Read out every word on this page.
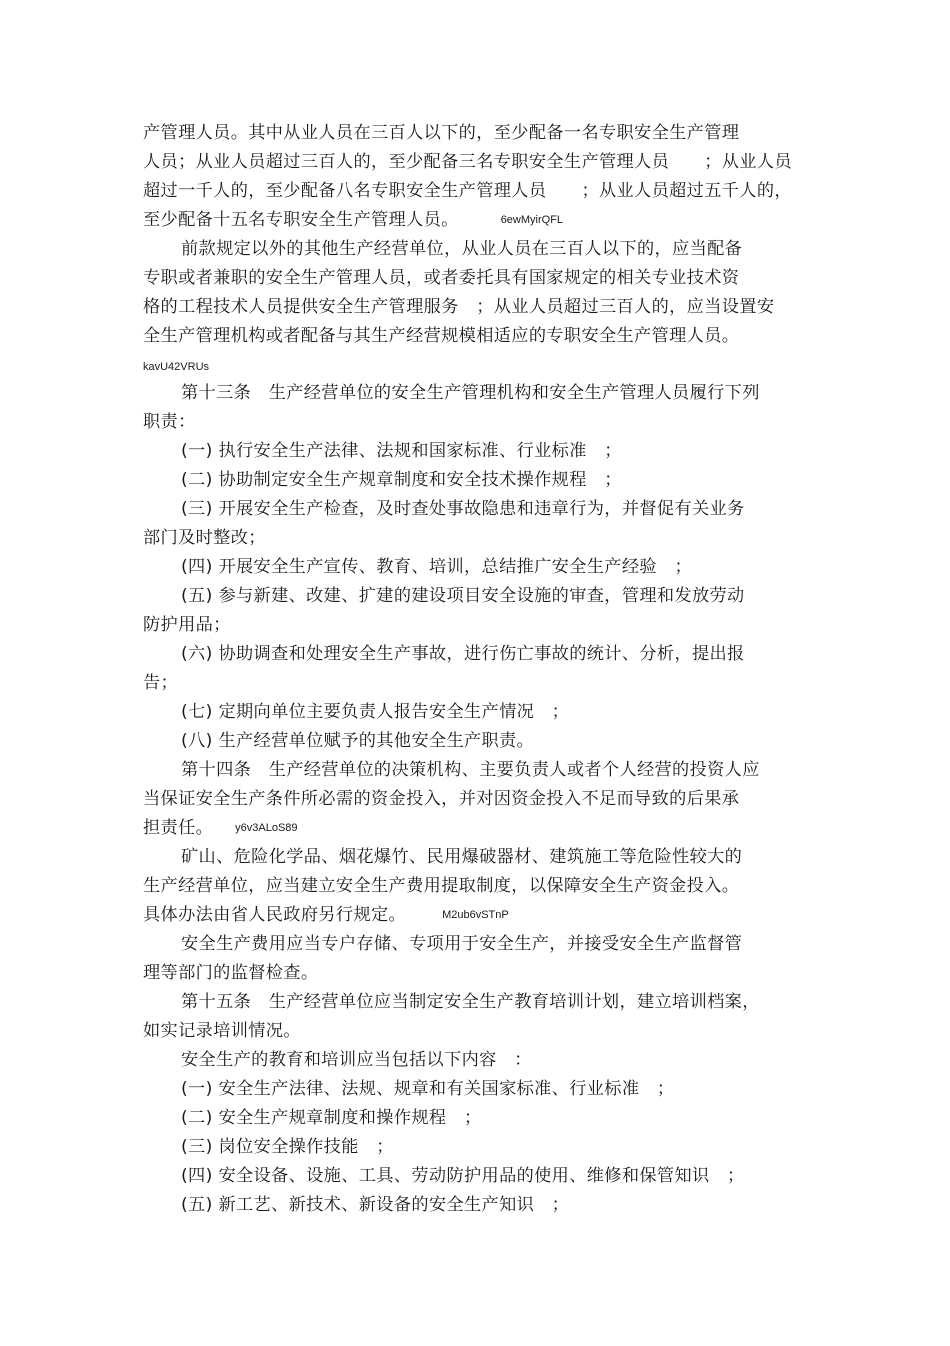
产管理人员。其中从业人员在三百人以下的，至少配备一名专职安全生产管理
人员；从业人员超过三百人的，至少配备三名专职安全生产管理人员　　；从业人员
超过一千人的，至少配备八名专职安全生产管理人员　　；从业人员超过五千人的，
至少配备十五名专职安全生产管理人员。	6ewMyirQFL
前款规定以外的其他生产经营单位，从业人员在三百人以下的，应当配备
专职或者兼职的安全生产管理人员，或者委托具有国家规定的相关专业技术资
格的工程技术人员提供安全生产管理服务　；从业人员超过三百人的，应当设置安
全生产管理机构或者配备与其生产经营规模相适应的专职安全生产管理人员。
kavU42VRUs
第十三条　生产经营单位的安全生产管理机构和安全生产管理人员履行下列
职责：
(一) 执行安全生产法律、法规和国家标准、行业标准　；
(二) 协助制定安全生产规章制度和安全技术操作规程　；
(三) 开展安全生产检查，及时查处事故隐患和违章行为，并督促有关业务
部门及时整改；
(四) 开展安全生产宣传、教育、培训，总结推广安全生产经验　；
(五) 参与新建、改建、扩建的建设项目安全设施的审查，管理和发放劳动
防护用品；
(六) 协助调查和处理安全生产事故，进行伤亡事故的统计、分析，提出报
告；
(七) 定期向单位主要负责人报告安全生产情况　；
(八) 生产经营单位赋予的其他安全生产职责。
第十四条　生产经营单位的决策机构、主要负责人或者个人经营的投资人应
当保证安全生产条件所必需的资金投入，并对因资金投入不足而导致的后果承
担责任。 y6v3ALoS89
矿山、危险化学品、烟花爆竹、民用爆破器材、建筑施工等危险性较大的
生产经营单位，应当建立安全生产费用提取制度，以保障安全生产资金投入。
具体办法由省人民政府另行规定。	M2ub6vSTnP
安全生产费用应当专户存储、专项用于安全生产，并接受安全生产监督管
理等部门的监督检查。
第十五条　生产经营单位应当制定安全生产教育培训计划，建立培训档案，
如实记录培训情况。
安全生产的教育和培训应当包括以下内容　：
(一) 安全生产法律、法规、规章和有关国家标准、行业标准　；
(二) 安全生产规章制度和操作规程　；
(三) 岗位安全操作技能　；
(四) 安全设备、设施、工具、劳动防护用品的使用、维修和保管知识　；
(五) 新工艺、新技术、新设备的安全生产知识　；
